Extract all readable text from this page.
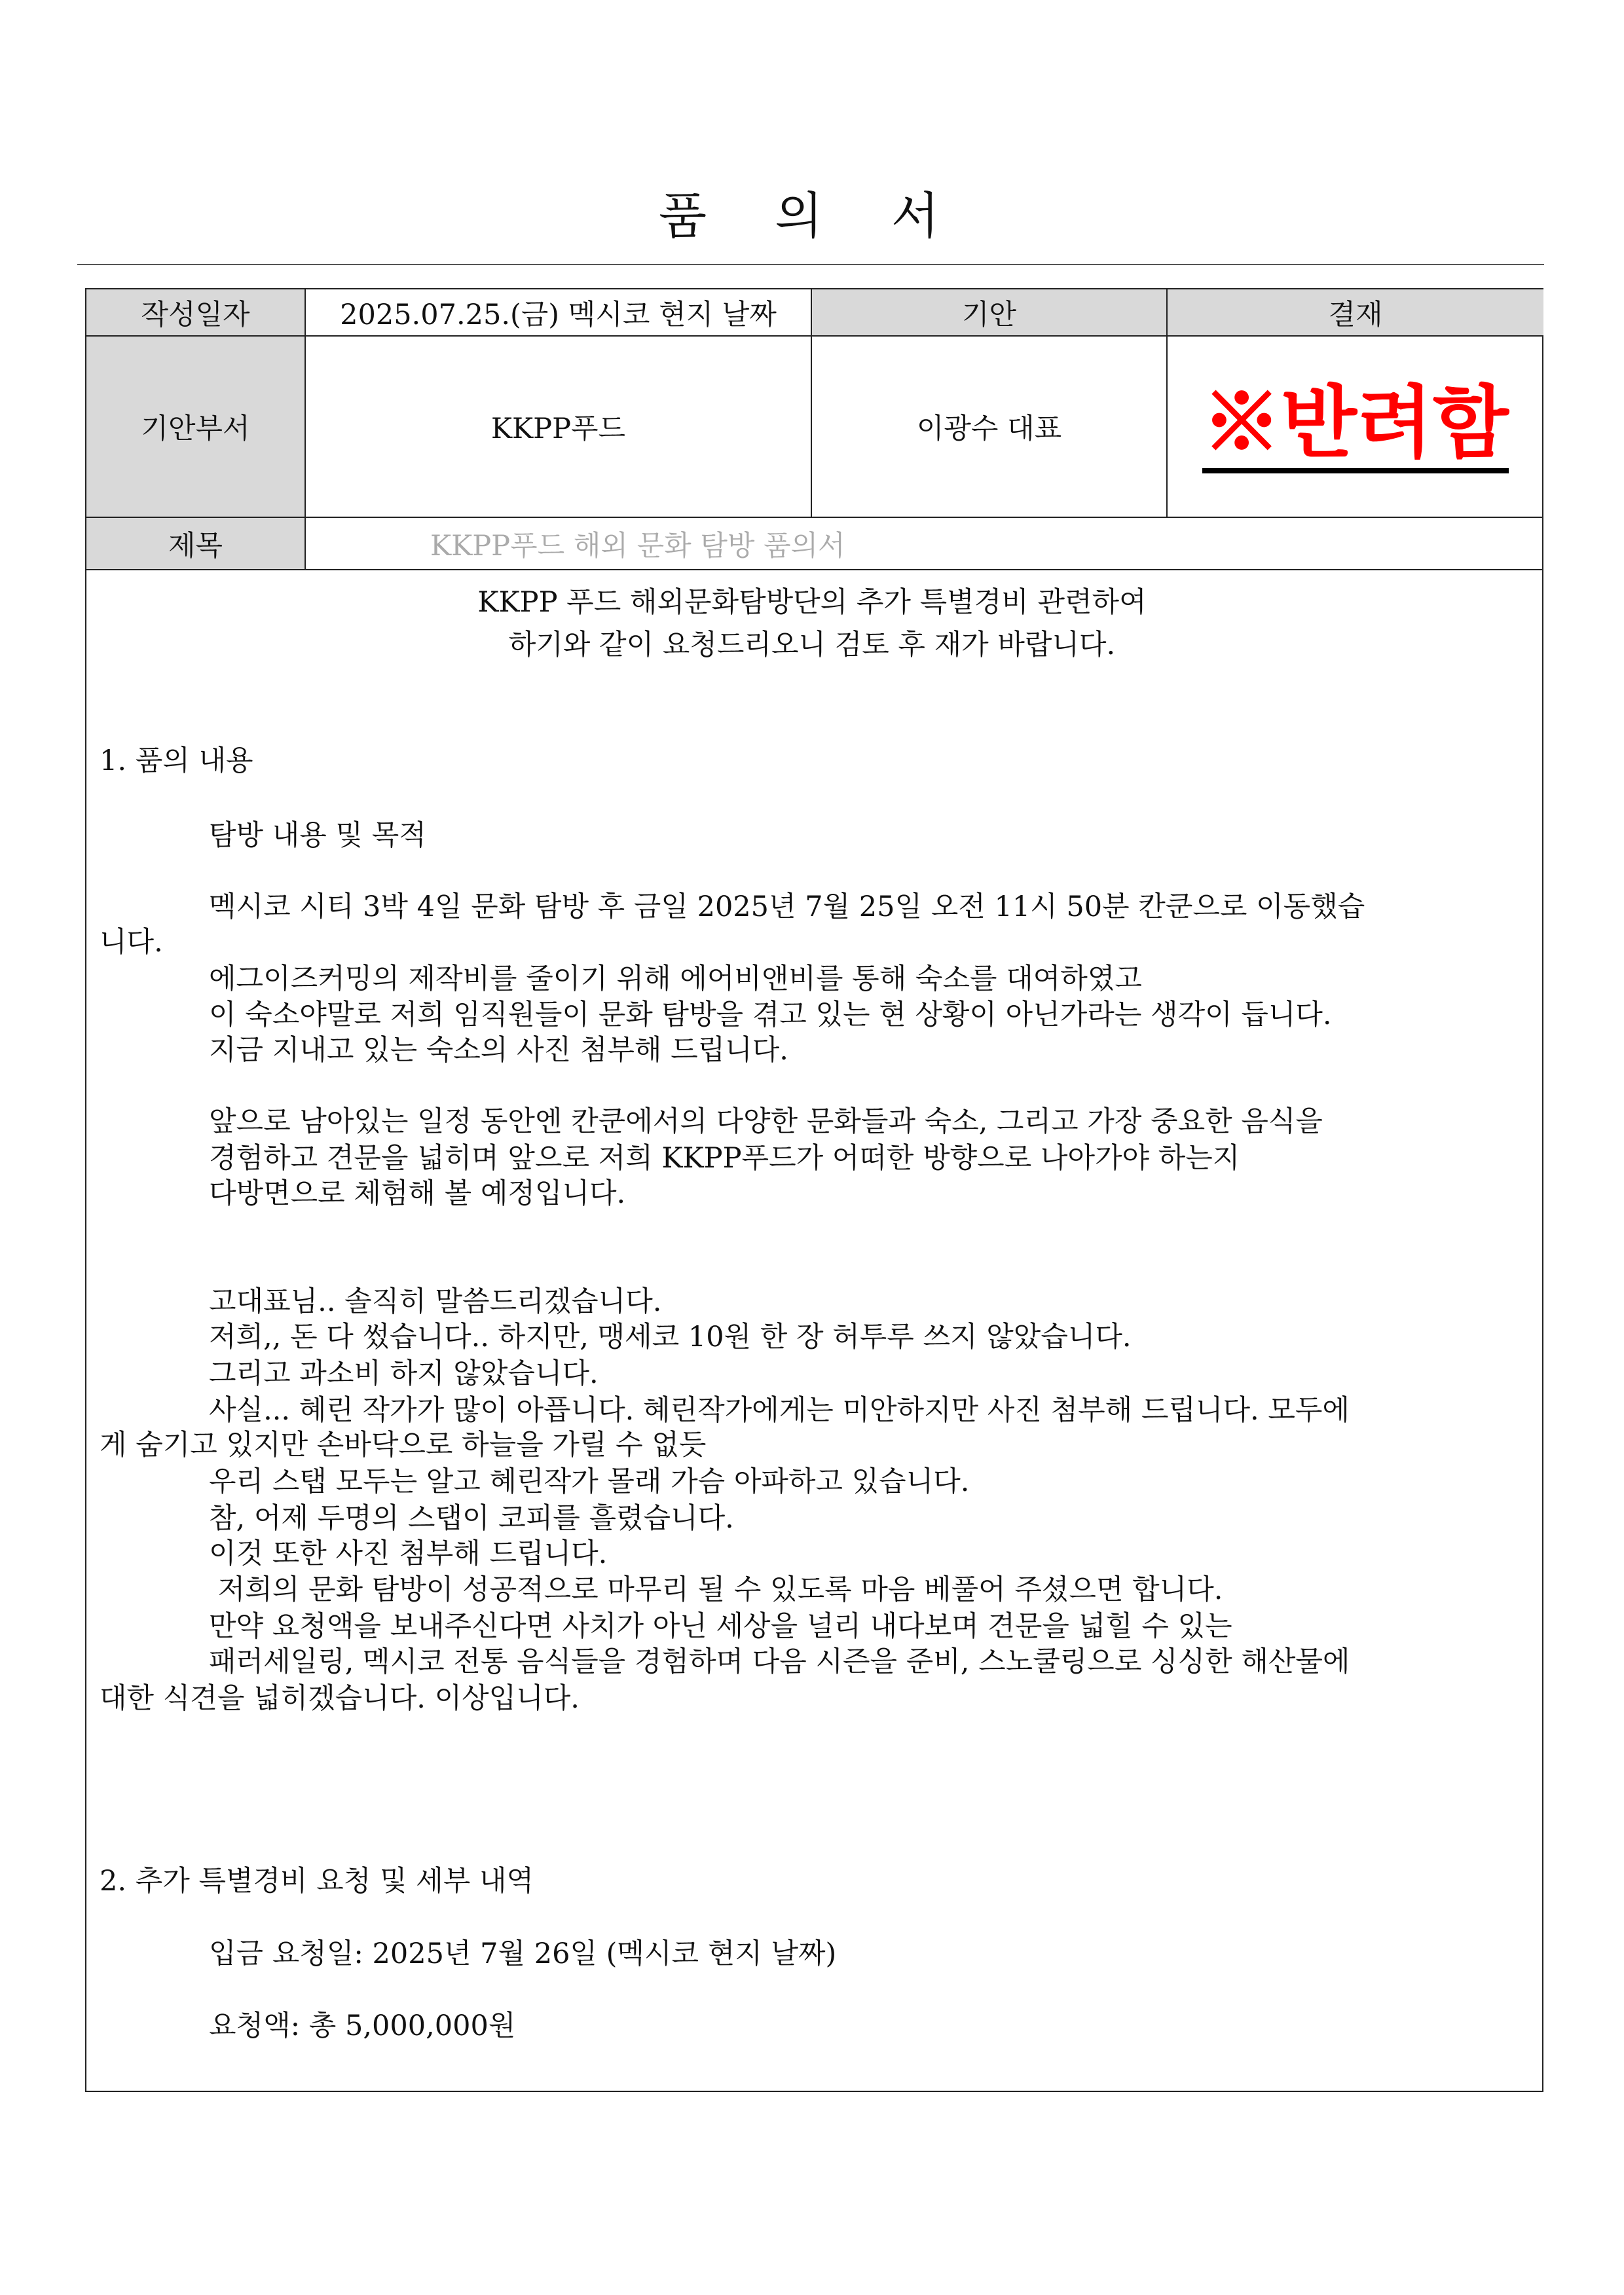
품 의 서
작성일자	2025.07.25.(금) 멕시코 현지 날짜	기안	결재
기안부서	KKPP푸드	이광수 대표	※반려함
제목	KKPP푸드 해외 문화 탐방 품의서
KKPP 푸드 해외문화탐방단의 추가 특별경비 관련하여
하기와 같이 요청드리오니 검토 후 재가 바랍니다.
1. 품의 내용
탐방 내용 및 목적
멕시코 시티 3박 4일 문화 탐방 후 금일 2025년 7월 25일 오전 11시 50분 칸쿤으로 이동했습
니다.
에그이즈커밍의 제작비를 줄이기 위해 에어비앤비를 통해 숙소를 대여하였고
이 숙소야말로 저희 임직원들이 문화 탐방을 겪고 있는 현 상황이 아닌가라는 생각이 듭니다.
지금 지내고 있는 숙소의 사진 첨부해 드립니다.
앞으로 남아있는 일정 동안엔 칸쿤에서의 다양한 문화들과 숙소, 그리고 가장 중요한 음식을
경험하고 견문을 넓히며 앞으로 저희 KKPP푸드가 어떠한 방향으로 나아가야 하는지
다방면으로 체험해 볼 예정입니다.
고대표님.. 솔직히 말씀드리겠습니다.
저희,, 돈 다 썼습니다.. 하지만, 맹세코 10원 한 장 허투루 쓰지 않았습니다.
그리고 과소비 하지 않았습니다.
사실... 혜린 작가가 많이 아픕니다. 혜린작가에게는 미안하지만 사진 첨부해 드립니다. 모두에
게 숨기고 있지만 손바닥으로 하늘을 가릴 수 없듯
우리 스탭 모두는 알고 혜린작가 몰래 가슴 아파하고 있습니다.
참, 어제 두명의 스탭이 코피를 흘렸습니다.
이것 또한 사진 첨부해 드립니다.
저희의 문화 탐방이 성공적으로 마무리 될 수 있도록 마음 베풀어 주셨으면 합니다.
만약 요청액을 보내주신다면 사치가 아닌 세상을 널리 내다보며 견문을 넓힐 수 있는
패러세일링, 멕시코 전통 음식들을 경험하며 다음 시즌을 준비, 스노쿨링으로 싱싱한 해산물에
대한 식견을 넓히겠습니다. 이상입니다.
2. 추가 특별경비 요청 및 세부 내역
입금 요청일: 2025년 7월 26일 (멕시코 현지 날짜)
요청액: 총 5,000,000원
